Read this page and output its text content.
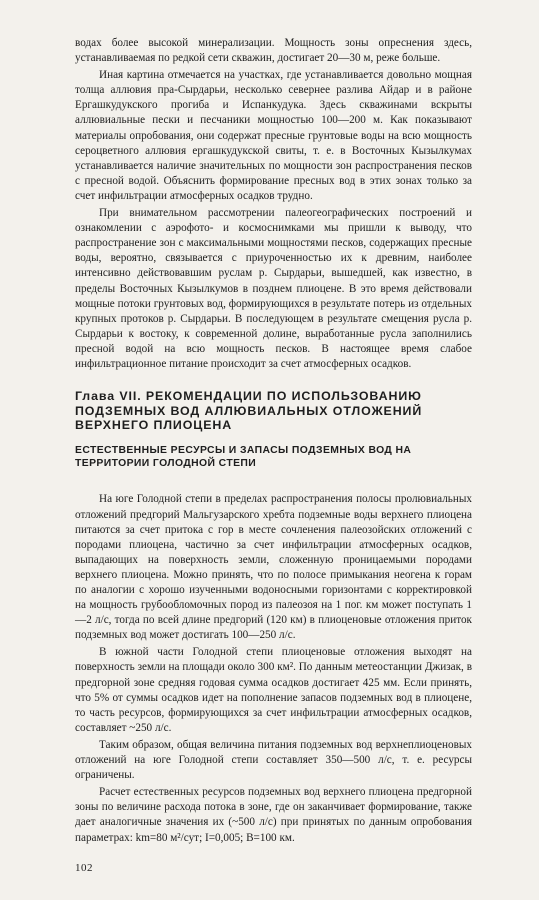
водах более высокой минерализации. Мощность зоны опреснения здесь, устанавливаемая по редкой сети скважин, достигает 20—30 м, реже больше.

Иная картина отмечается на участках, где устанавливается довольно мощная толща аллювия пра-Сырдарьи, несколько севернее разлива Айдар и в районе Ергашкудукского прогиба и Испанкудука. Здесь скважинами вскрыты аллювиальные пески и песчаники мощностью 100—200 м. Как показывают материалы опробования, они содержат пресные грунтовые воды на всю мощность сероцветного аллювия ергашкудукской свиты, т. е. в Восточных Кызылкумах устанавливается наличие значительных по мощности зон распространения песков с пресной водой. Объяснить формирование пресных вод в этих зонах только за счет инфильтрации атмосферных осадков трудно.

При внимательном рассмотрении палеогеографических построений и ознакомлении с аэрофото- и космоснимками мы пришли к выводу, что распространение зон с максимальными мощностями песков, содержащих пресные воды, вероятно, связывается с приуроченностью их к древним, наиболее интенсивно действовавшим руслам р. Сырдарьи, вышедшей, как известно, в пределы Восточных Кызылкумов в позднем плиоцене. В это время действовали мощные потоки грунтовых вод, формирующихся в результате потерь из отдельных крупных протоков р. Сырдарьи. В последующем в результате смещения русла р. Сырдарьи к востоку, к современной долине, выработанные русла заполнились пресной водой на всю мощность песков. В настоящее время слабое инфильтрационное питание происходит за счет атмосферных осадков.

Глава VII. РЕКОМЕНДАЦИИ ПО ИСПОЛЬЗОВАНИЮ ПОДЗЕМНЫХ ВОД АЛЛЮВИАЛЬНЫХ ОТЛОЖЕНИЙ ВЕРХНЕГО ПЛИОЦЕНА
ЕСТЕСТВЕННЫЕ РЕСУРСЫ И ЗАПАСЫ ПОДЗЕМНЫХ ВОД НА ТЕРРИТОРИИ ГОЛОДНОЙ СТЕПИ

На юге Голодной степи в пределах распространения полосы пролювиальных отложений предгорий Мальгузарского хребта подземные воды верхнего плиоцена питаются за счет притока с гор в месте сочленения палеозойских отложений с породами плиоцена, частично за счет инфильтрации атмосферных осадков, выпадающих на поверхность земли, сложенную проницаемыми породами верхнего плиоцена. Можно принять, что по полосе примыкания неогена к горам по аналогии с хорошо изученными водоносными горизонтами с корректировкой на мощность грубообломочных пород из палеозоя на 1 пог. км может поступать 1—2 л/с, тогда по всей длине предгорий (120 км) в плиоценовые отложения приток подземных вод может достигать 100—250 л/с.

В южной части Голодной степи плиоценовые отложения выходят на поверхность земли на площади около 300 км². По данным метеостанции Джизак, в предгорной зоне средняя годовая сумма осадков достигает 425 мм. Если принять, что 5% от суммы осадков идет на пополнение запасов подземных вод в плиоцене, то часть ресурсов, формирующихся за счет инфильтрации атмосферных осадков, составляет ~250 л/с.

Таким образом, общая величина питания подземных вод верхнеплиоценовых отложений на юге Голодной степи составляет 350—500 л/с, т. е. ресурсы ограничены.

Расчет естественных ресурсов подземных вод верхнего плиоцена предгорной зоны по величине расхода потока в зоне, где он заканчивает формирование, также дает аналогичные значения их (~500 л/с) при принятых по данным опробования параметрах: km=80 м²/сут; I=0,005; B=100 км.

102
